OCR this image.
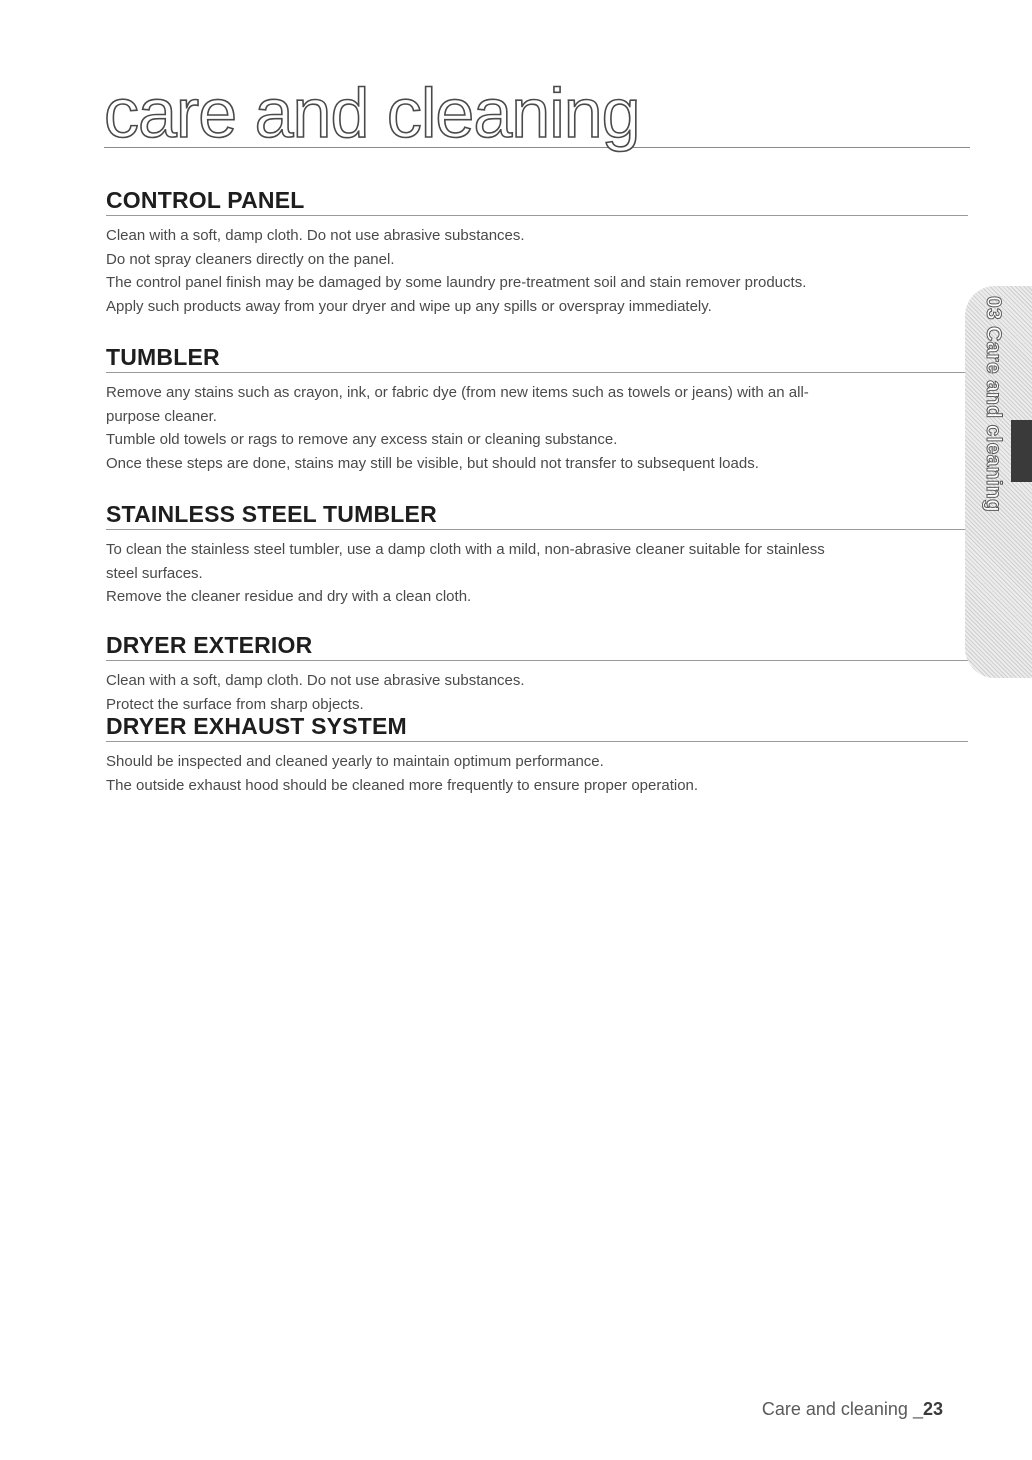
care and cleaning
CONTROL PANEL

Clean with a soft, damp cloth. Do not use abrasive substances.

Do not spray cleaners directly on the panel.

The control panel finish may be damaged by some laundry pre-treatment soil and stain remover products.

Apply such products away from your dryer and wipe up any spills or overspray immediately.

TUMBLER

Remove any stains such as crayon, ink, or fabric dye (from new items such as towels or jeans) with an all-

purpose cleaner.

Tumble old towels or rags to remove any excess stain or cleaning substance.

Once these steps are done, stains may still be visible, but should not transfer to subsequent loads.

STAINLESS STEEL TUMBLER

To clean the stainless steel tumbler, use a damp cloth with a mild, non-abrasive cleaner suitable for stainless

steel surfaces.

Remove the cleaner residue and dry with a clean cloth.

DRYER EXTERIOR

Clean with a soft, damp cloth. Do not use abrasive substances.

Protect the surface from sharp objects.

DRYER EXHAUST SYSTEM

Should be inspected and cleaned yearly to maintain optimum performance.

The outside exhaust hood should be cleaned more frequently to ensure proper operation.

03 Care and cleaning
Care and cleaning _23
